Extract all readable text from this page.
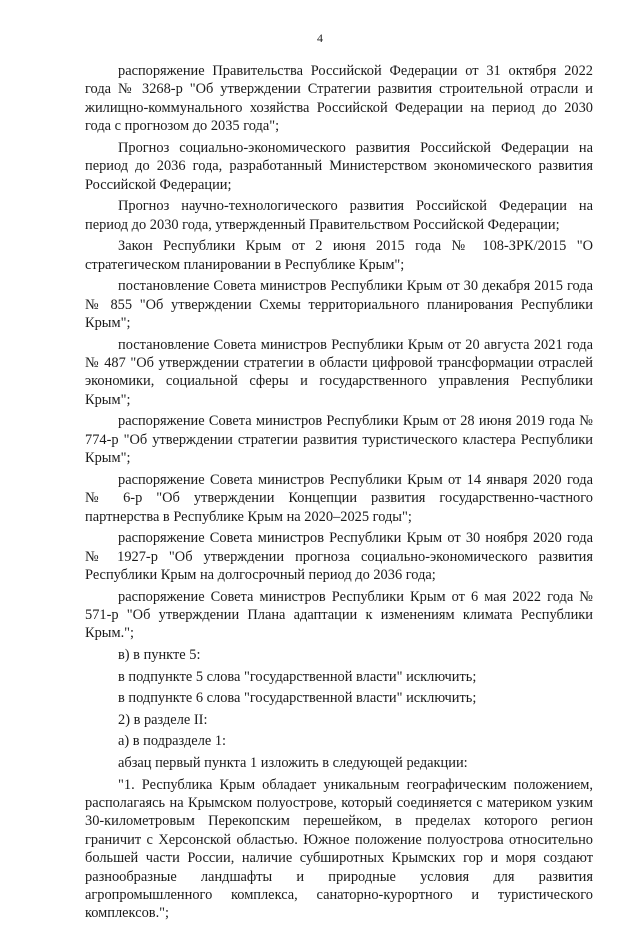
4

распоряжение Правительства Российской Федерации от 31 октября 2022 года № 3268-р "Об утверждении Стратегии развития строительной отрасли и жилищно-коммунального хозяйства Российской Федерации на период до 2030 года с прогнозом до 2035 года";

Прогноз социально-экономического развития Российской Федерации на период до 2036 года, разработанный Министерством экономического развития Российской Федерации;

Прогноз научно-технологического развития Российской Федерации на период до 2030 года, утвержденный Правительством Российской Федерации;

Закон Республики Крым от 2 июня 2015 года № 108-ЗРК/2015 "О стратегическом планировании в Республике Крым";

постановление Совета министров Республики Крым от 30 декабря 2015 года № 855 "Об утверждении Схемы территориального планирования Республики Крым";

постановление Совета министров Республики Крым от 20 августа 2021 года № 487 "Об утверждении стратегии в области цифровой трансформации отраслей экономики, социальной сферы и государственного управления Республики Крым";

распоряжение Совета министров Республики Крым от 28 июня 2019 года № 774-р "Об утверждении стратегии развития туристического кластера Республики Крым";

распоряжение Совета министров Республики Крым от 14 января 2020 года № 6-р "Об утверждении Концепции развития государственно-частного партнерства в Республике Крым на 2020–2025 годы";

распоряжение Совета министров Республики Крым от 30 ноября 2020 года № 1927-р "Об утверждении прогноза социально-экономического развития Республики Крым на долгосрочный период до 2036 года;

распоряжение Совета министров Республики Крым от 6 мая 2022 года № 571-р "Об утверждении Плана адаптации к изменениям климата Республики Крым.";

в) в пункте 5:

в подпункте 5 слова "государственной власти" исключить;

в подпункте 6 слова "государственной власти" исключить;

2) в разделе II:

а) в подразделе 1:

абзац первый пункта 1 изложить в следующей редакции:

"1. Республика Крым обладает уникальным географическим положением, располагаясь на Крымском полуострове, который соединяется с материком узким 30-километровым Перекопским перешейком, в пределах которого регион граничит с Херсонской областью. Южное положение полуострова относительно большей части России, наличие субширотных Крымских гор и моря создают разнообразные ландшафты и природные условия для развития агропромышленного комплекса, санаторно-курортного и туристического комплексов.";
